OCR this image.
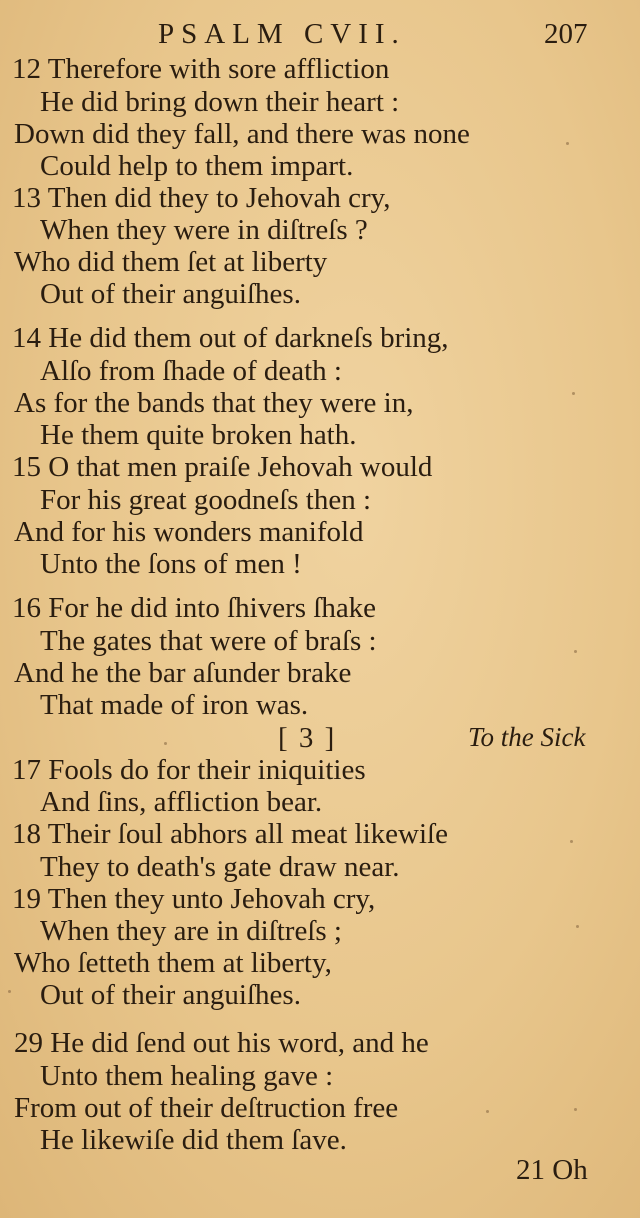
PSALM CVII.	207
12 Therefore with sore affliction
He did bring down their heart :
Down did they fall, and there was none
Could help to them impart.
13 Then did they to Jehovah cry,
When they were in diſtreſs ?
Who did them ſet at liberty
Out of their anguiſhes.
14 He did them out of darkneſs bring,
Alſo from ſhade of death :
As for the bands that they were in,
He them quite broken hath.
15 O that men praiſe Jehovah would
For his great goodneſs then :
And for his wonders manifold
Unto the ſons of men !
16 For he did into ſhivers ſhake
The gates that were of braſs :
And he the bar aſunder brake
That made of iron was.
[ 3 ]	To the Sick
17 Fools do for their iniquities
And ſins, affliction bear.
18 Their ſoul abhors all meat likewiſe
They to death's gate draw near.
19 Then they unto Jehovah cry,
When they are in diſtreſs ;
Who ſetteth them at liberty,
Out of their anguiſhes.
29 He did ſend out his word, and he
Unto them healing gave :
From out of their deſtruction free
He likewiſe did them ſave.
21 Oh
